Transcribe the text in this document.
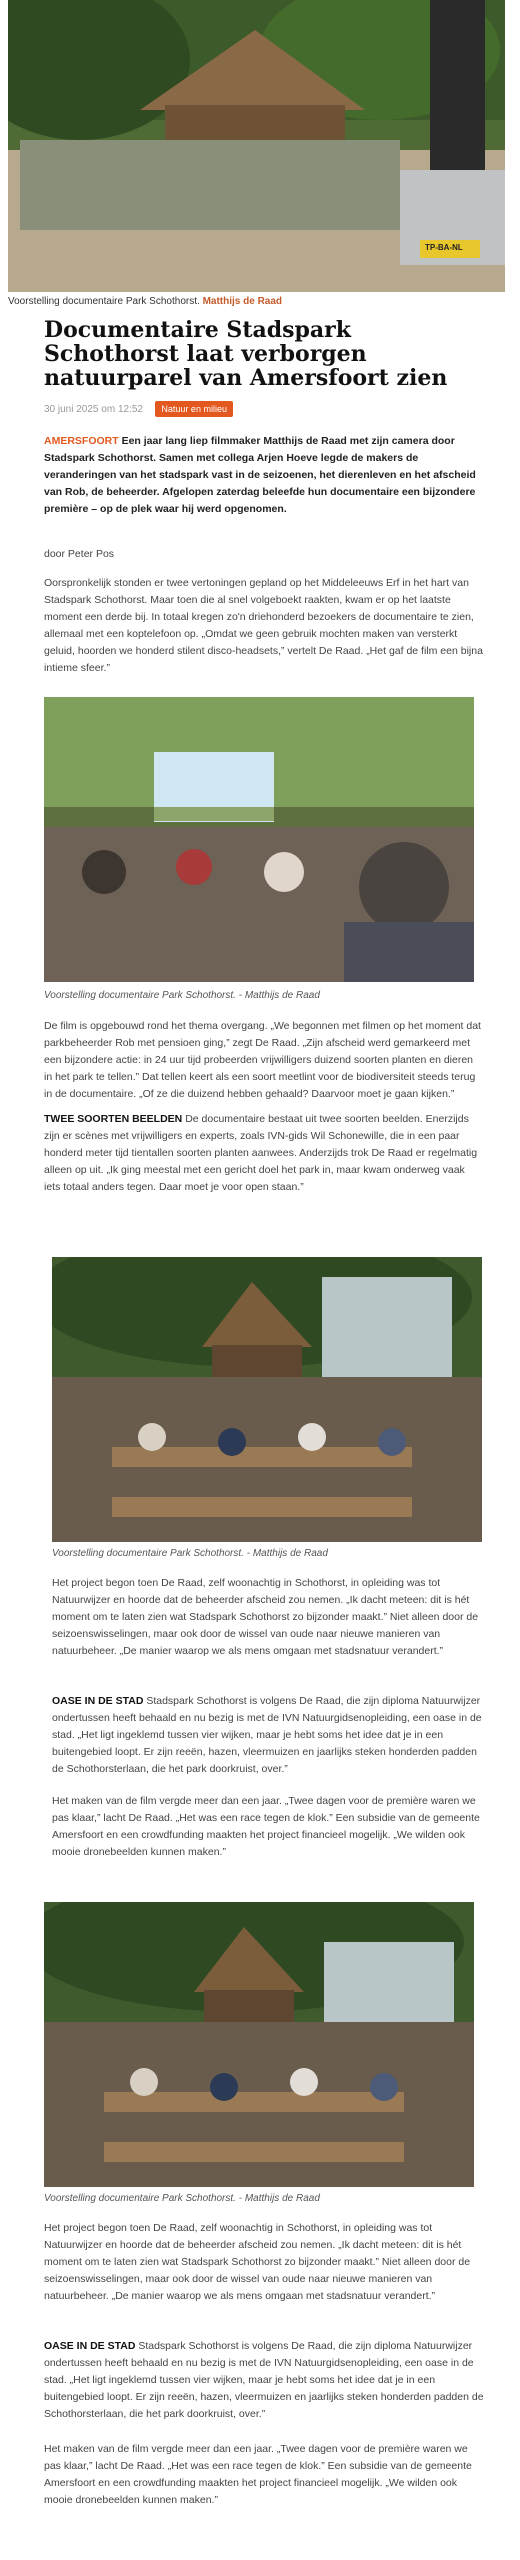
TP-BA-NL
Voorstelling documentaire Park Schothorst. Matthijs de Raad
Documentaire Stadspark Schothorst laat verborgen natuurparel van Amersfoort zien
30 juni 2025 om 12:52 Natuur en milieu
AMERSFOORT Een jaar lang liep filmmaker Matthijs de Raad met zijn camera door Stadspark Schothorst. Samen met collega Arjen Hoeve legde de makers de veranderingen van het stadspark vast in de seizoenen, het dierenleven en het afscheid van Rob, de beheerder. Afgelopen zaterdag beleefde hun documentaire een bijzondere première – op de plek waar hij werd opgenomen.
door Peter Pos

Oorspronkelijk stonden er twee vertoningen gepland op het Middeleeuws Erf in het hart van Stadspark Schothorst. Maar toen die al snel volgeboekt raakten, kwam er op het laatste moment een derde bij. In totaal kregen zo'n driehonderd bezoekers de documentaire te zien, allemaal met een koptelefoon op. „Omdat we geen gebruik mochten maken van versterkt geluid, hoorden we honderd stilent disco-headsets,” vertelt De Raad. „Het gaf de film een bijna intieme sfeer.”

Voorstelling documentaire Park Schothorst. - Matthijs de Raad

De film is opgebouwd rond het thema overgang. „We begonnen met filmen op het moment dat parkbeheerder Rob met pensioen ging,” zegt De Raad. „Zijn afscheid werd gemarkeerd met een bijzondere actie: in 24 uur tijd probeerden vrijwilligers duizend soorten planten en dieren in het park te tellen.” Dat tellen keert als een soort meetlint voor de biodiversiteit steeds terug in de documentaire. „Of ze die duizend hebben gehaald? Daarvoor moet je gaan kijken.”

TWEE SOORTEN BEELDEN De documentaire bestaat uit twee soorten beelden. Enerzijds zijn er scènes met vrijwilligers en experts, zoals IVN-gids Wil Schonewille, die in een paar honderd meter tijd tientallen soorten planten aanwees. Anderzijds trok De Raad er regelmatig alleen op uit. „Ik ging meestal met een gericht doel het park in, maar kwam onderweg vaak iets totaal anders tegen. Daar moet je voor open staan.”

Voorstelling documentaire Park Schothorst. - Matthijs de Raad

Het project begon toen De Raad, zelf woonachtig in Schothorst, in opleiding was tot Natuurwijzer en hoorde dat de beheerder afscheid zou nemen. „Ik dacht meteen: dit is hét moment om te laten zien wat Stadspark Schothorst zo bijzonder maakt.” Niet alleen door de seizoenswisselingen, maar ook door de wissel van oude naar nieuwe manieren van natuurbeheer. „De manier waarop we als mens omgaan met stadsnatuur verandert.”

OASE IN DE STAD Stadspark Schothorst is volgens De Raad, die zijn diploma Natuurwijzer ondertussen heeft behaald en nu bezig is met de IVN Natuurgidsenopleiding, een oase in de stad. „Het ligt ingeklemd tussen vier wijken, maar je hebt soms het idee dat je in een buitengebied loopt. Er zijn reeën, hazen, vleermuizen en jaarlijks steken honderden padden de Schothorsterlaan, die het park doorkruist, over.”

Het maken van de film vergde meer dan een jaar. „Twee dagen voor de première waren we pas klaar,” lacht De Raad. „Het was een race tegen de klok.” Een subsidie van de gemeente Amersfoort en een crowdfunding maakten het project financieel mogelijk. „We wilden ook mooie dronebeelden kunnen maken.”

Voorstelling documentaire Park Schothorst. - Matthijs de Raad

Het project begon toen De Raad, zelf woonachtig in Schothorst, in opleiding was tot Natuurwijzer en hoorde dat de beheerder afscheid zou nemen. „Ik dacht meteen: dit is hét moment om te laten zien wat Stadspark Schothorst zo bijzonder maakt.” Niet alleen door de seizoenswisselingen, maar ook door de wissel van oude naar nieuwe manieren van natuurbeheer. „De manier waarop we als mens omgaan met stadsnatuur verandert.”

OASE IN DE STAD Stadspark Schothorst is volgens De Raad, die zijn diploma Natuurwijzer ondertussen heeft behaald en nu bezig is met de IVN Natuurgidsenopleiding, een oase in de stad. „Het ligt ingeklemd tussen vier wijken, maar je hebt soms het idee dat je in een buitengebied loopt. Er zijn reeën, hazen, vleermuizen en jaarlijks steken honderden padden de Schothorsterlaan, die het park doorkruist, over.”

Het maken van de film vergde meer dan een jaar. „Twee dagen voor de première waren we pas klaar,” lacht De Raad. „Het was een race tegen de klok.” Een subsidie van de gemeente Amersfoort en een crowdfunding maakten het project financieel mogelijk. „We wilden ook mooie dronebeelden kunnen maken.”
